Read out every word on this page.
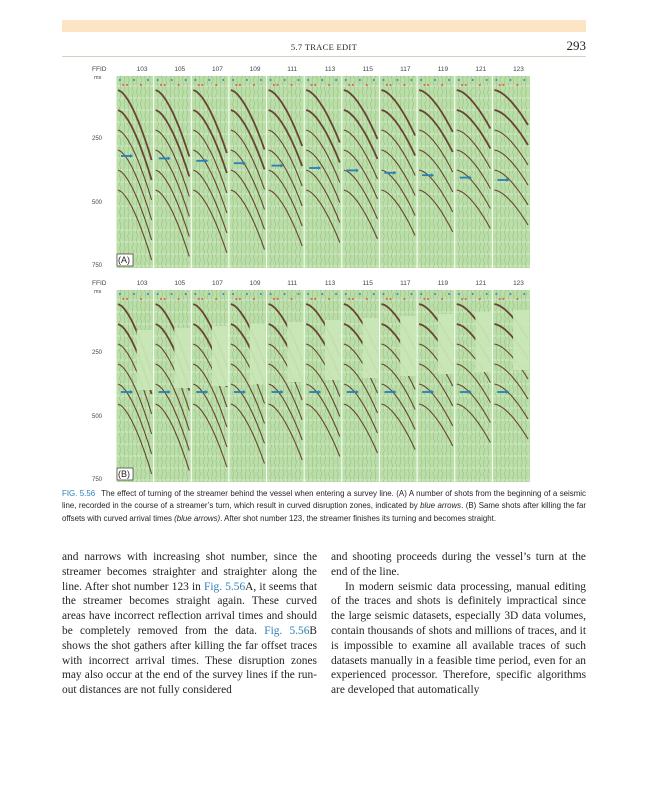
5.7 TRACE EDIT	293
FFID	103	105	107	109	111	113	115	117	119	121	123
ms
250
500
750
(A)
FFID	103	105	107	109	111	113	115	117	119	121	123
ms
250
500
750
(B)
FIG. 5.56 The effect of turning of the streamer behind the vessel when entering a survey line. (A) A number of shots from the beginning of a seismic line, recorded in the course of a streamer’s turn, which result in curved disruption zones, indicated by blue arrows. (B) Same shots after killing the far offsets with curved arrival times (blue arrows). After shot number 123, the streamer finishes its turning and becomes straight.

and narrows with increasing shot number, since the streamer becomes straighter and straighter along the line. After shot number 123 in Fig. 5.56A, it seems that the streamer becomes straight again. These curved areas have incorrect reflection arrival times and should be completely removed from the data. Fig. 5.56B shows the shot gathers after killing the far offset traces with incorrect arrival times. These disruption zones may also occur at the end of the survey lines if the run-out distances are not fully considered

and shooting proceeds during the vessel’s turn at the end of the line.

In modern seismic data processing, manual editing of the traces and shots is definitely impractical since the large seismic datasets, especially 3D data volumes, contain thousands of shots and millions of traces, and it is impossible to examine all available traces of such datasets manually in a feasible time period, even for an experienced processor. Therefore, specific algorithms are developed that automatically
